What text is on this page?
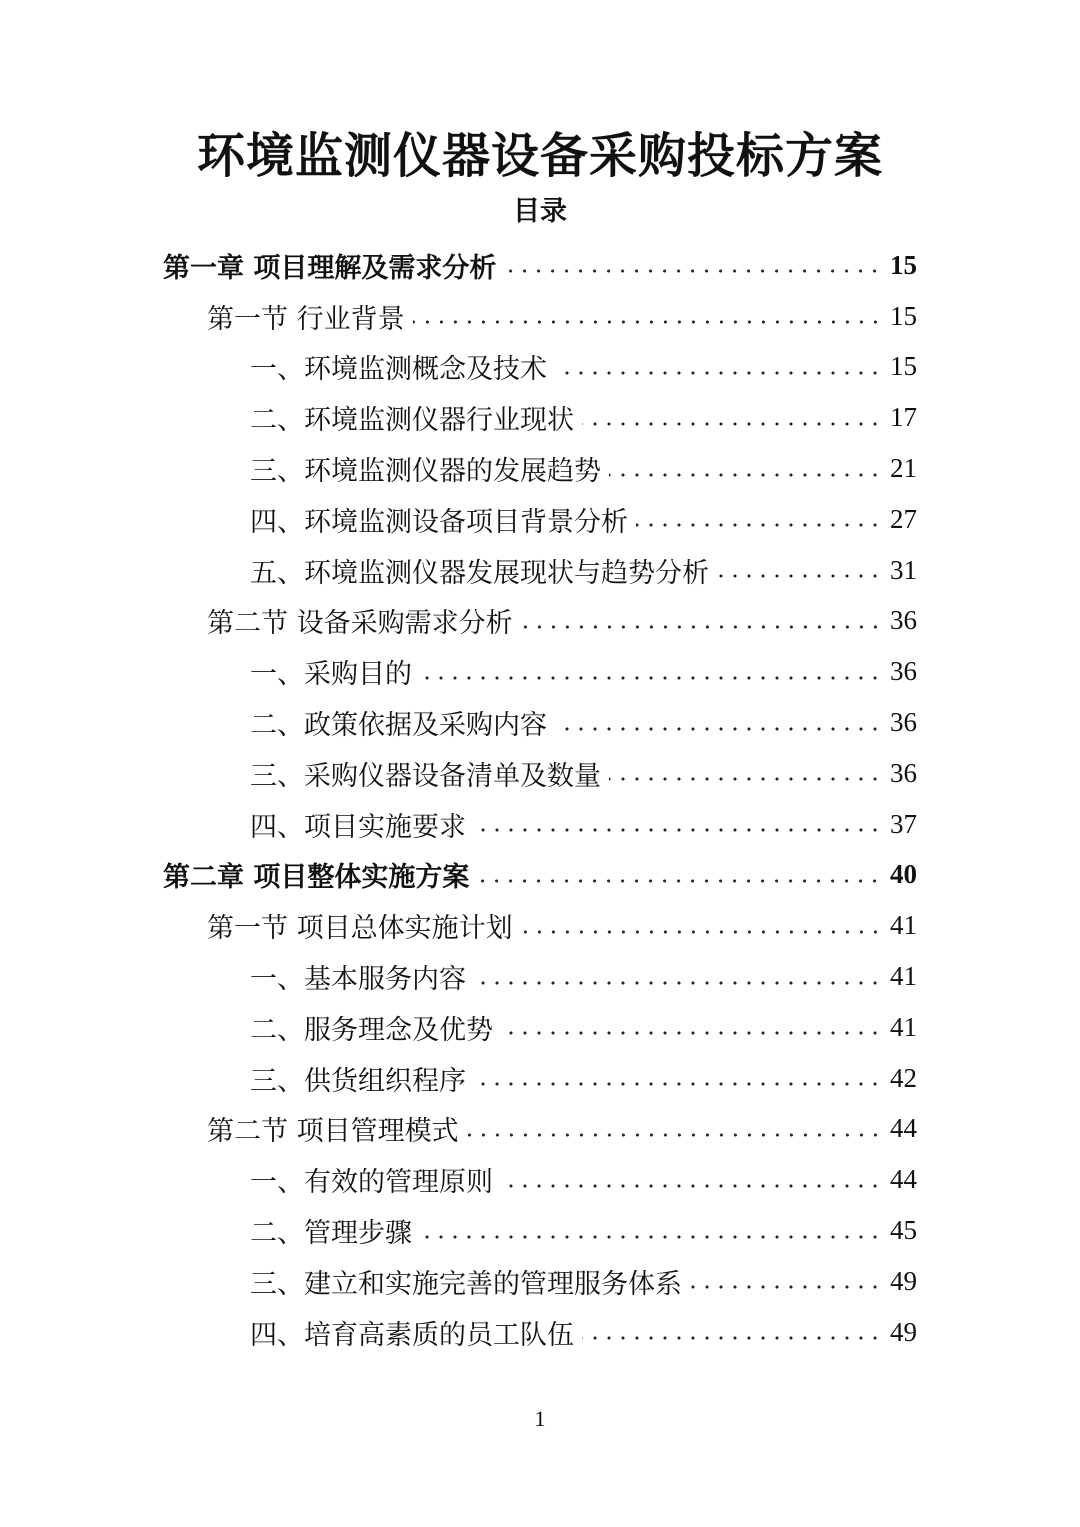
环境监测仪器设备采购投标方案
目录
第一章 项目理解及需求分析	15
第一节 行业背景	15
一、环境监测概念及技术	15
二、环境监测仪器行业现状	17
三、环境监测仪器的发展趋势	21
四、环境监测设备项目背景分析	27
五、环境监测仪器发展现状与趋势分析	31
第二节 设备采购需求分析	36
一、采购目的	36
二、政策依据及采购内容	36
三、采购仪器设备清单及数量	36
四、项目实施要求	37
第二章 项目整体实施方案	40
第一节 项目总体实施计划	41
一、基本服务内容	41
二、服务理念及优势	41
三、供货组织程序	42
第二节 项目管理模式	44
一、有效的管理原则	44
二、管理步骤	45
三、建立和实施完善的管理服务体系	49
四、培育高素质的员工队伍	49
1
